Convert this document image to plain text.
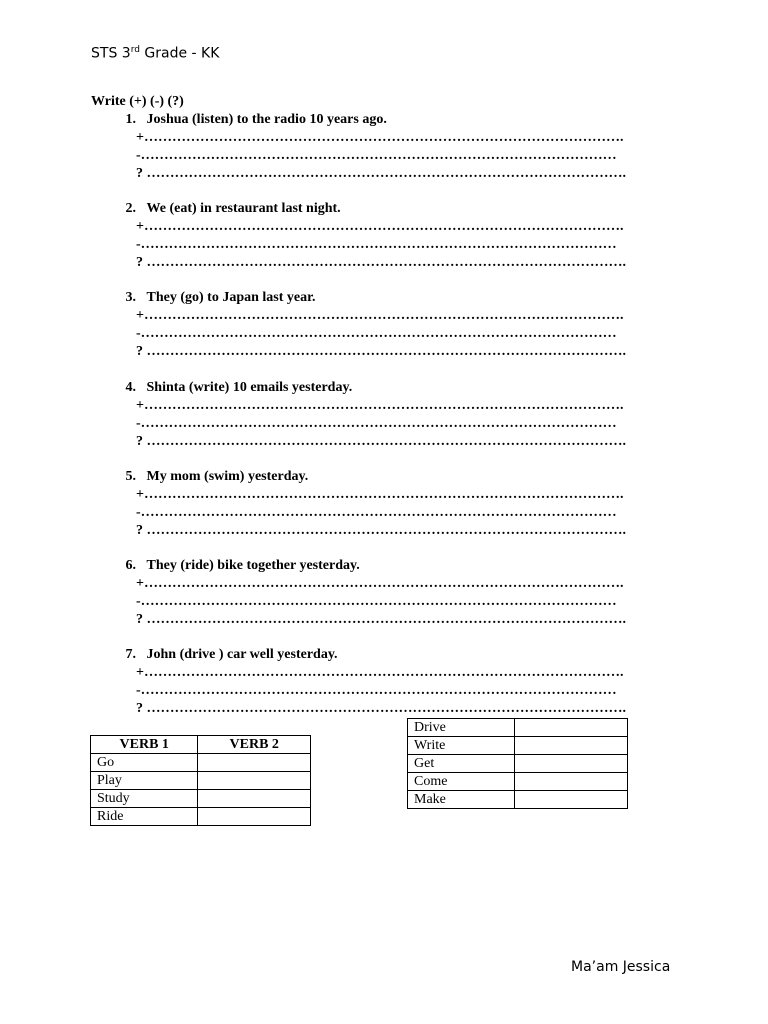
STS 3rd Grade - KK
Write (+) (-) (?)
1.
Joshua (listen) to the radio 10 years ago.
+………………………………………………………………………………………….
-…………………………………………………………………………………………
? ………………………………………………………………………………………….
2.
We (eat) in restaurant last night.
+………………………………………………………………………………………….
-…………………………………………………………………………………………
? ………………………………………………………………………………………….
3.
They (go) to Japan last year.
+………………………………………………………………………………………….
-…………………………………………………………………………………………
? ………………………………………………………………………………………….
4.
Shinta (write) 10 emails yesterday.
+………………………………………………………………………………………….
-…………………………………………………………………………………………
? ………………………………………………………………………………………….
5.
My mom (swim) yesterday.
+………………………………………………………………………………………….
-…………………………………………………………………………………………
? ………………………………………………………………………………………….
6.
They (ride) bike together yesterday.
+………………………………………………………………………………………….
-…………………………………………………………………………………………
? ………………………………………………………………………………………….
7.
John (drive ) car well yesterday.
+………………………………………………………………………………………….
-…………………………………………………………………………………………
? ………………………………………………………………………………………….
VERB 1	VERB 2
Go	
Play	
Study	
Ride	
Drive	
Write	
Get	
Come	
Make	
Ma’am Jessica
